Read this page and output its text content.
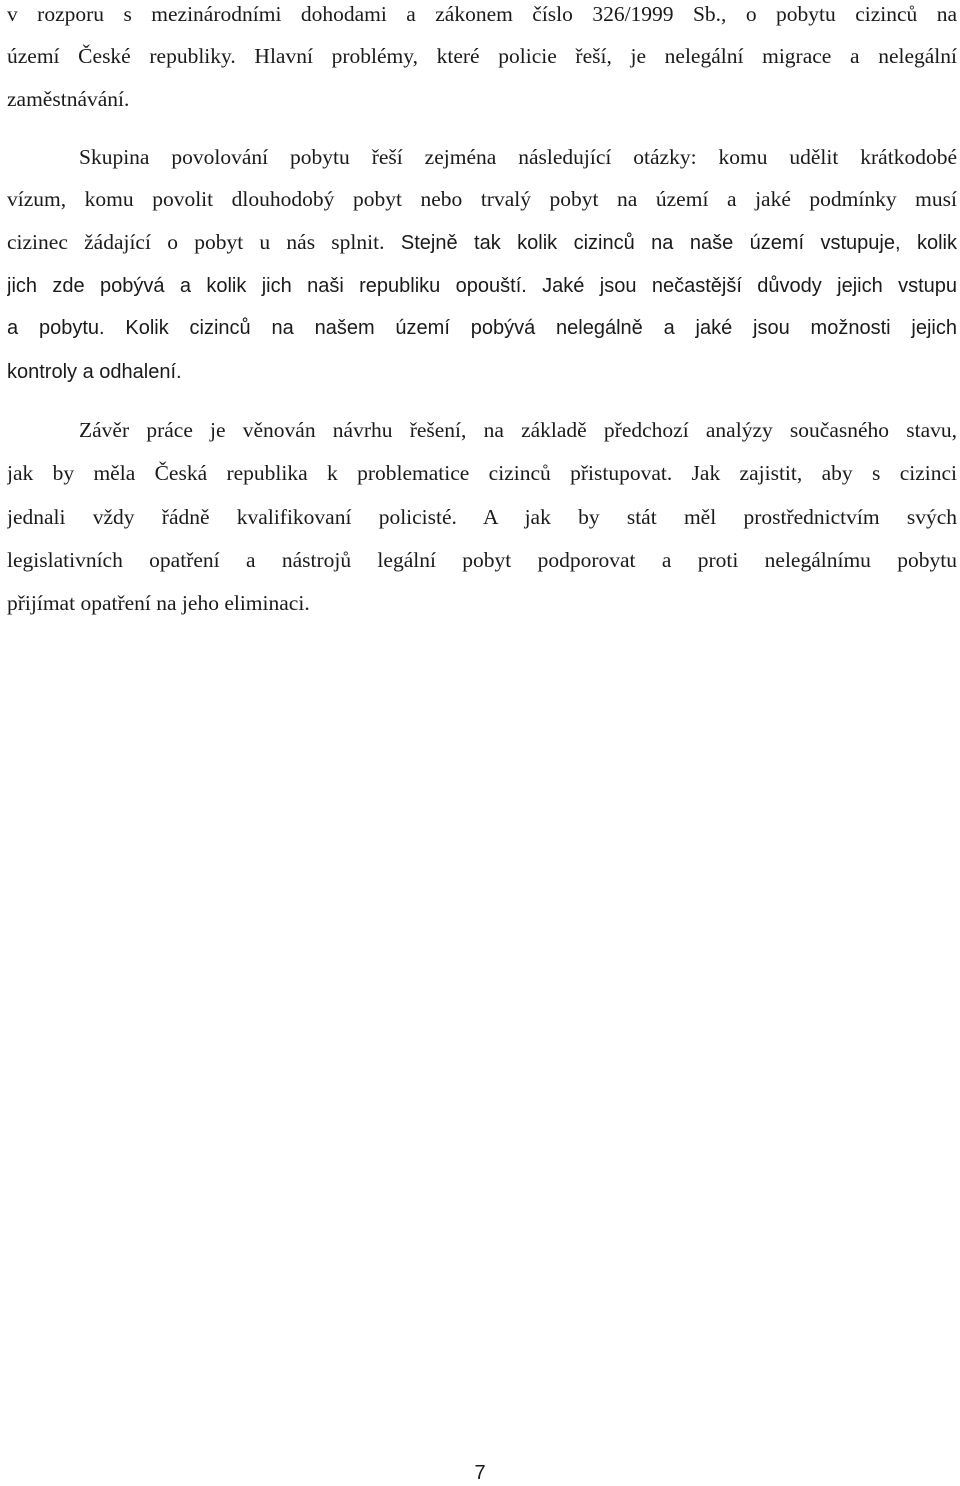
v rozporu s mezinárodními dohodami a zákonem číslo 326/1999 Sb., o pobytu cizinců na
území České republiky. Hlavní problémy, které policie řeší, je nelegální migrace a nelegální
zaměstnávání.
Skupina povolování pobytu řeší zejména následující otázky: komu udělit krátkodobé
vízum, komu povolit dlouhodobý pobyt nebo trvalý pobyt na území a jaké podmínky musí
cizinec žádající o pobyt u nás splnit. Stejně tak kolik cizinců na naše území vstupuje, kolik
jich zde pobývá a kolik jich naši republiku opouští. Jaké jsou nečastější důvody jejich vstupu
a pobytu. Kolik cizinců na našem území pobývá nelegálně a jaké jsou možnosti jejich
kontroly a odhalení.
Závěr práce je věnován návrhu řešení, na základě předchozí analýzy současného stavu,
jak by měla Česká republika k problematice cizinců přistupovat. Jak zajistit, aby s cizinci
jednali vždy řádně kvalifikovaní policisté. A jak by stát měl prostřednictvím svých
legislativních opatření a nástrojů legální pobyt podporovat a proti nelegálnímu pobytu
přijímat opatření na jeho eliminaci.
7
